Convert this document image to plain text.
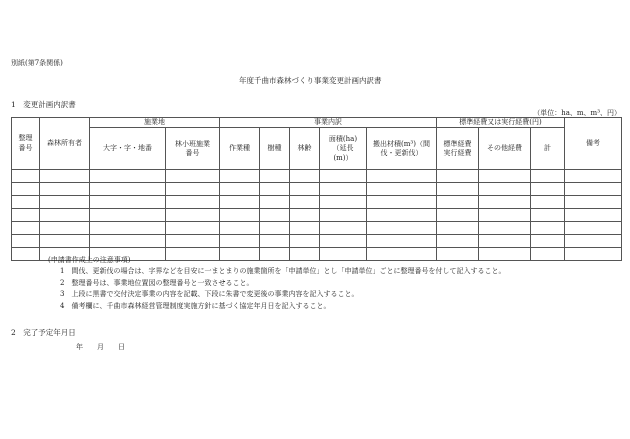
別紙(第7条関係)
年度千曲市森林づくり事業変更計画内訳書
1　変更計画内訳書
（単位：ha、m、m³、円）
整理番号	森林所有者	施業地		事業内訳					標準経費又は実行経費(円)			備考
		大字・字・地番	林小班施業番号	作業種	樹種	林齢	面積(ha)（延長(m)）	搬出材積(m³)（間伐・更新伐）	標準経費実行経費	その他経費	計	

(申請書作成上の注意事項)
1　間伐、更新伐の場合は、字界などを目安に一まとまりの施業箇所を「申請単位」とし「申請単位」ごとに整理番号を付して記入すること。
2　整理番号は、事業地位置図の整理番号と一致させること。
3　上段に黒書で交付決定事業の内容を記載、下段に朱書で変更後の事業内容を記入すること。
4　備考欄に、千曲市森林経営管理制度実施方針に基づく協定年月日を記入すること。
2　完了予定年月日
年　　月　　日
